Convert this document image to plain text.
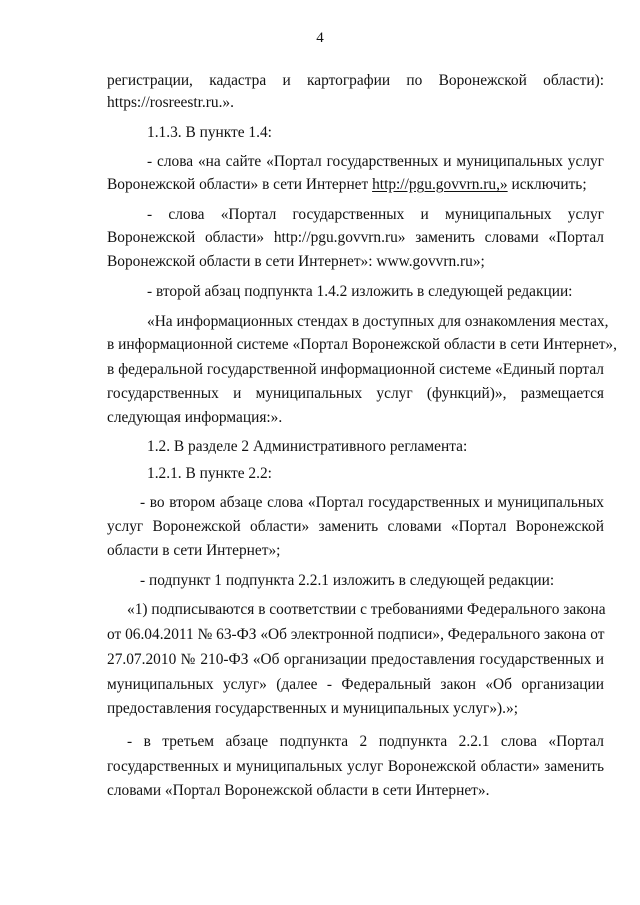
4
регистрации, кадастра и картографии по Воронежской области):
https://rosreestr.ru.».
1.1.3. В пункте 1.4:
- слова «на сайте «Портал государственных и муниципальных услуг
Воронежской области» в сети Интернет http://pgu.govvrn.ru,» исключить;
- слова «Портал государственных и муниципальных услуг
Воронежской области» http://pgu.govvrn.ru» заменить словами «Портал
Воронежской области в сети Интернет»: www.govvrn.ru»;
- второй абзац подпункта 1.4.2 изложить в следующей редакции:
«На информационных стендах в доступных для ознакомления местах,
в информационной системе «Портал Воронежской области в сети Интернет»,
в федеральной государственной информационной системе «Единый портал
государственных и муниципальных услуг (функций)», размещается
следующая информация:».
1.2. В разделе 2 Административного регламента:
1.2.1. В пункте 2.2:
- во втором абзаце слова «Портал государственных и муниципальных
услуг Воронежской области» заменить словами «Портал Воронежской
области в сети Интернет»;
- подпункт 1 подпункта 2.2.1 изложить в следующей редакции:
«1) подписываются в соответствии с требованиями Федерального закона
от 06.04.2011 № 63-ФЗ «Об электронной подписи», Федерального закона от
27.07.2010 № 210-ФЗ «Об организации предоставления государственных и
муниципальных услуг» (далее - Федеральный закон «Об организации
предоставления государственных и муниципальных услуг»).»;
- в третьем абзаце подпункта 2 подпункта 2.2.1 слова «Портал
государственных и муниципальных услуг Воронежской области» заменить
словами «Портал Воронежской области в сети Интернет».
